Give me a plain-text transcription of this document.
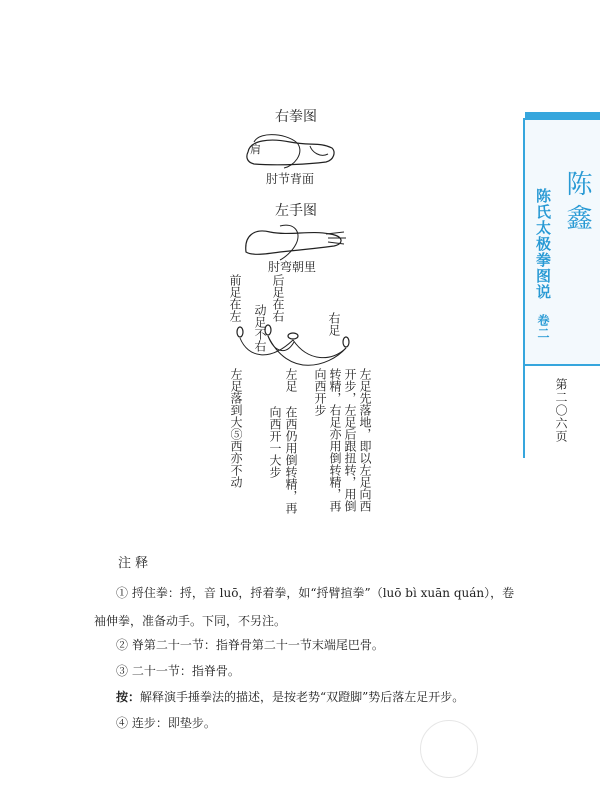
右拳图
肩
肘节背面
左手图
肘弯朝里
前足在左
后足在右
动足不右
右足
左足落到大⑤西亦不动	左足
在西仍用倒转精，再
向西开一大步
向西开步 转精，右足亦用倒转精，再 开步，左足后跟扭转，用倒 左足先落地，即以左足向西
陈鑫
陈氏太极拳图说 卷二
第二〇六页
注 释
① 捋住拳：捋，音 luō，捋着拳，如“捋臂揎拳”（luō bì xuān quán），卷
袖伸拳，准备动手。下同，不另注。
② 脊第二十一节：指脊骨第二十一节末端尾巴骨。
③ 二十一节：指脊骨。
按：解释演手捶拳法的描述，是按老势“双蹬脚”势后落左足开步。
④ 连步：即垫步。
